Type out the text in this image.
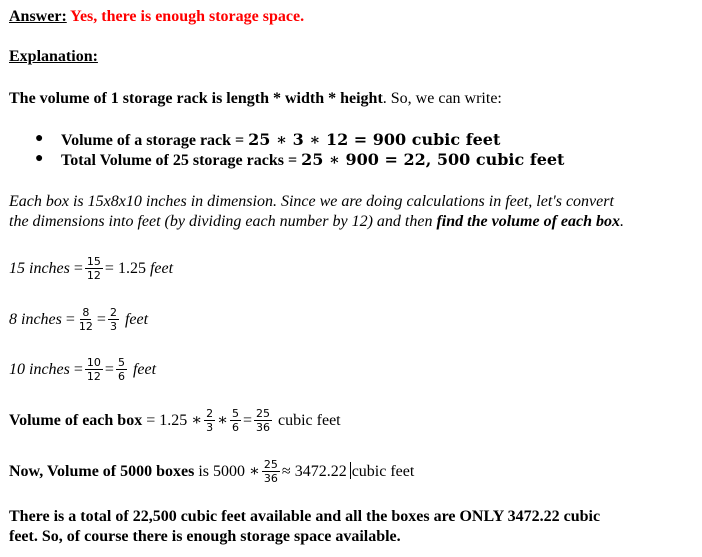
Answer: Yes, there is enough storage space.
Explanation:
The volume of 1 storage rack is length * width * height. So, we can write:
● Volume of a storage rack = 25 ∗ 3 ∗ 12 = 900 cubic feet
● Total Volume of 25 storage racks = 25 ∗ 900 = 22, 500 cubic feet
Each box is 15x8x10 inches in dimension. Since we are doing calculations in feet, let's convert
the dimensions into feet (by dividing each number by 12) and then find the volume of each box.
15 inches = $\frac{15}{12} = 1.25$ feet
8 inches = $\frac{8}{12} = \frac{2}{3}$ feet
10 inches = $\frac{10}{12} = \frac{5}{6}$ feet
Volume of each box = 1.25 ∗ $\frac{2}{3}$ ∗ $\frac{5}{6} = \frac{25}{36}$ cubic feet
Now, Volume of 5000 boxes is 5000 ∗ $\frac{25}{36} \approx 3472.22$ cubic feet
There is a total of 22,500 cubic feet available and all the boxes are ONLY 3472.22 cubic
feet. So, of course there is enough storage space available.
